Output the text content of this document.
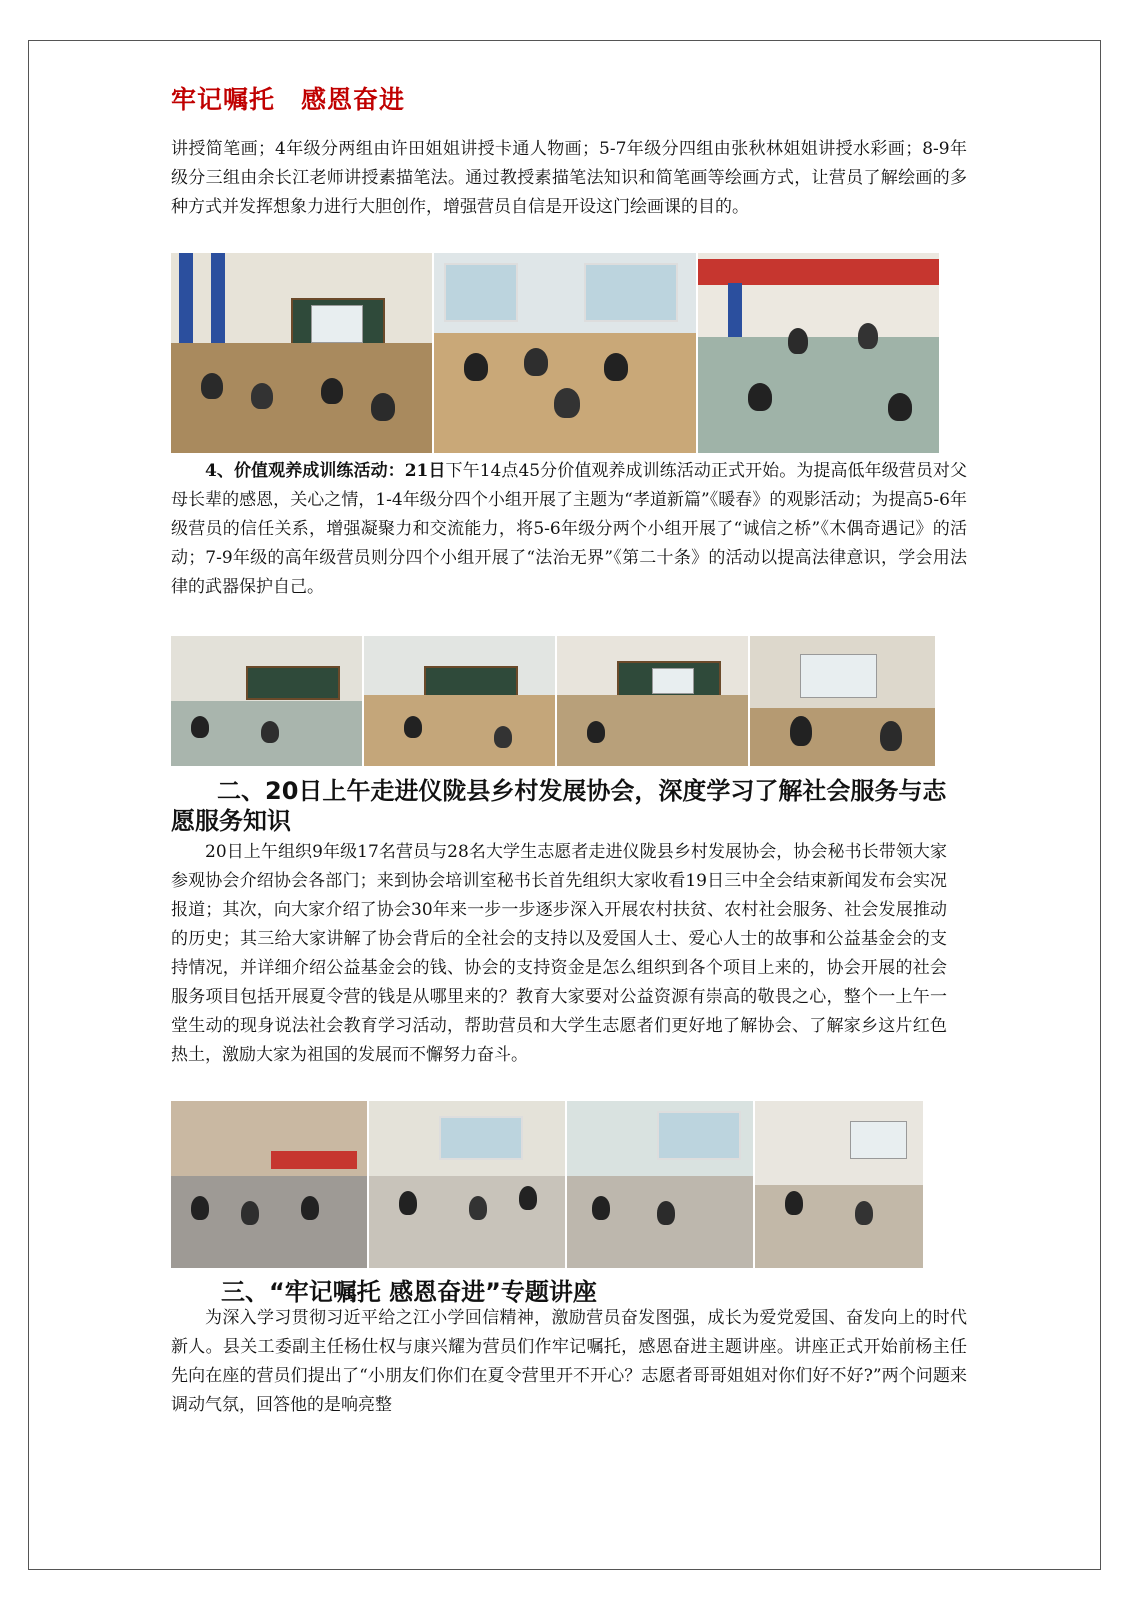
牢记嘱托 感恩奋进
讲授简笔画；4年级分两组由许田姐姐讲授卡通人物画；5-7年级分四组由张秋林姐姐讲授水彩画；8-9年级分三组由余长江老师讲授素描笔法。通过教授素描笔法知识和简笔画等绘画方式，让营员了解绘画的多种方式并发挥想象力进行大胆创作，增强营员自信是开设这门绘画课的目的。
4、价值观养成训练活动：21日下午14点45分价值观养成训练活动正式开始。为提高低年级营员对父母长辈的感恩，关心之情，1-4年级分四个小组开展了主题为“孝道新篇”《暖春》的观影活动；为提高5-6年级营员的信任关系，增强凝聚力和交流能力，将5-6年级分两个小组开展了“诚信之桥”《木偶奇遇记》的活动；7-9年级的高年级营员则分四个小组开展了“法治无界”《第二十条》的活动以提高法律意识，学会用法律的武器保护自己。
二、20日上午走进仪陇县乡村发展协会，深度学习了解社会服务与志愿服务知识
20日上午组织9年级17名营员与28名大学生志愿者走进仪陇县乡村发展协会，协会秘书长带领大家参观协会介绍协会各部门；来到协会培训室秘书长首先组织大家收看19日三中全会结束新闻发布会实况报道；其次，向大家介绍了协会30年来一步一步逐步深入开展农村扶贫、农村社会服务、社会发展推动的历史；其三给大家讲解了协会背后的全社会的支持以及爱国人士、爱心人士的故事和公益基金会的支持情况，并详细介绍公益基金会的钱、协会的支持资金是怎么组织到各个项目上来的，协会开展的社会服务项目包括开展夏令营的钱是从哪里来的？教育大家要对公益资源有崇高的敬畏之心，整个一上午一堂生动的现身说法社会教育学习活动，帮助营员和大学生志愿者们更好地了解协会、了解家乡这片红色热土，激励大家为祖国的发展而不懈努力奋斗。
三、“牢记嘱托 感恩奋进”专题讲座
为深入学习贯彻习近平给之江小学回信精神，激励营员奋发图强，成长为爱党爱国、奋发向上的时代新人。县关工委副主任杨仕权与康兴耀为营员们作牢记嘱托，感恩奋进主题讲座。讲座正式开始前杨主任先向在座的营员们提出了“小朋友们你们在夏令营里开不开心？志愿者哥哥姐姐对你们好不好?”两个问题来调动气氛，回答他的是响亮整
